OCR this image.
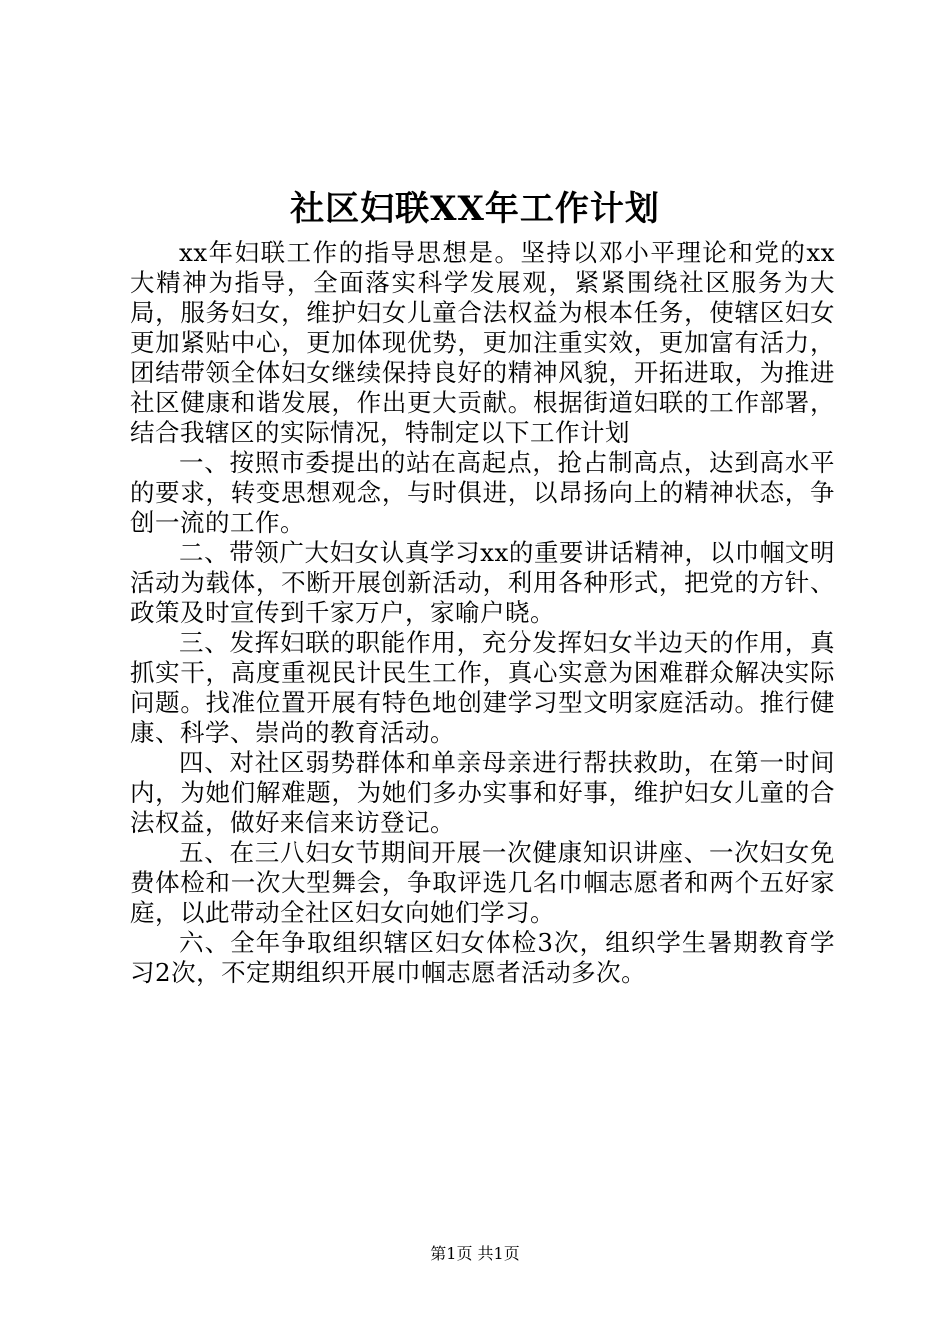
社区妇联XX年工作计划

xx年妇联工作的指导思想是。坚持以邓小平理论和党的xx大精神为指导，全面落实科学发展观，紧紧围绕社区服务为大局，服务妇女，维护妇女儿童合法权益为根本任务，使辖区妇女更加紧贴中心，更加体现优势，更加注重实效，更加富有活力，团结带领全体妇女继续保持良好的精神风貌，开拓进取，为推进社区健康和谐发展，作出更大贡献。根据街道妇联的工作部署，结合我辖区的实际情况，特制定以下工作计划

一、按照市委提出的站在高起点，抢占制高点，达到高水平的要求，转变思想观念，与时俱进，以昂扬向上的精神状态，争创一流的工作。

二、带领广大妇女认真学习xx的重要讲话精神，以巾帼文明活动为载体，不断开展创新活动，利用各种形式，把党的方针、政策及时宣传到千家万户，家喻户晓。

三、发挥妇联的职能作用，充分发挥妇女半边天的作用，真抓实干，高度重视民计民生工作，真心实意为困难群众解决实际问题。找准位置开展有特色地创建学习型文明家庭活动。推行健康、科学、崇尚的教育活动。

四、对社区弱势群体和单亲母亲进行帮扶救助，在第一时间内，为她们解难题，为她们多办实事和好事，维护妇女儿童的合法权益，做好来信来访登记。

五、在三八妇女节期间开展一次健康知识讲座、一次妇女免费体检和一次大型舞会，争取评选几名巾帼志愿者和两个五好家庭，以此带动全社区妇女向她们学习。

六、全年争取组织辖区妇女体检3次，组织学生暑期教育学习2次，不定期组织开展巾帼志愿者活动多次。

第1页 共1页
